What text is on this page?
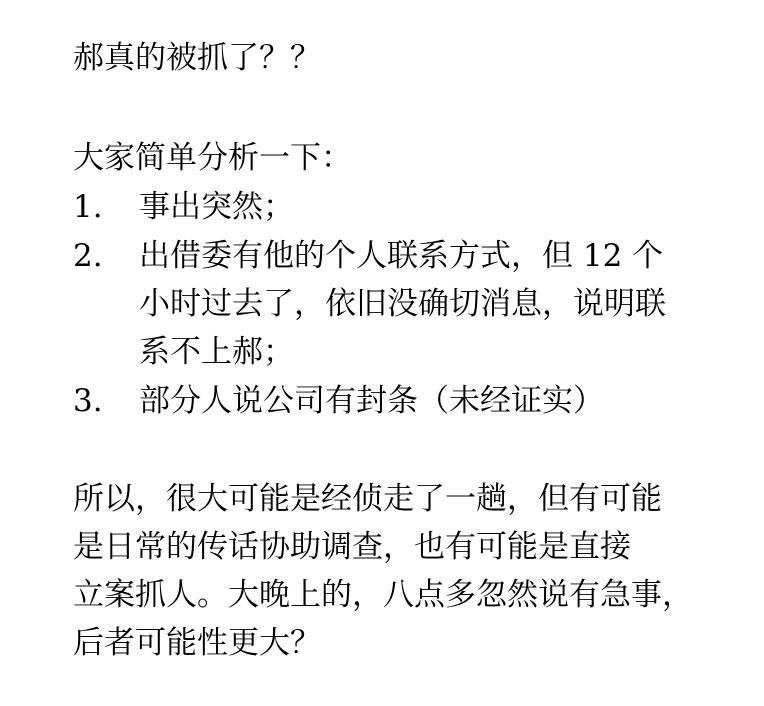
郝真的被抓了？？
大家简单分析一下：
1. 事出突然；
2. 出借委有他的个人联系方式，但 12 个
小时过去了，依旧没确切消息，说明联
系不上郝；
3. 部分人说公司有封条（未经证实）
所以，很大可能是经侦走了一趟，但有可能
是日常的传话协助调查，也有可能是直接
立案抓人。大晚上的，八点多忽然说有急事，
后者可能性更大？
